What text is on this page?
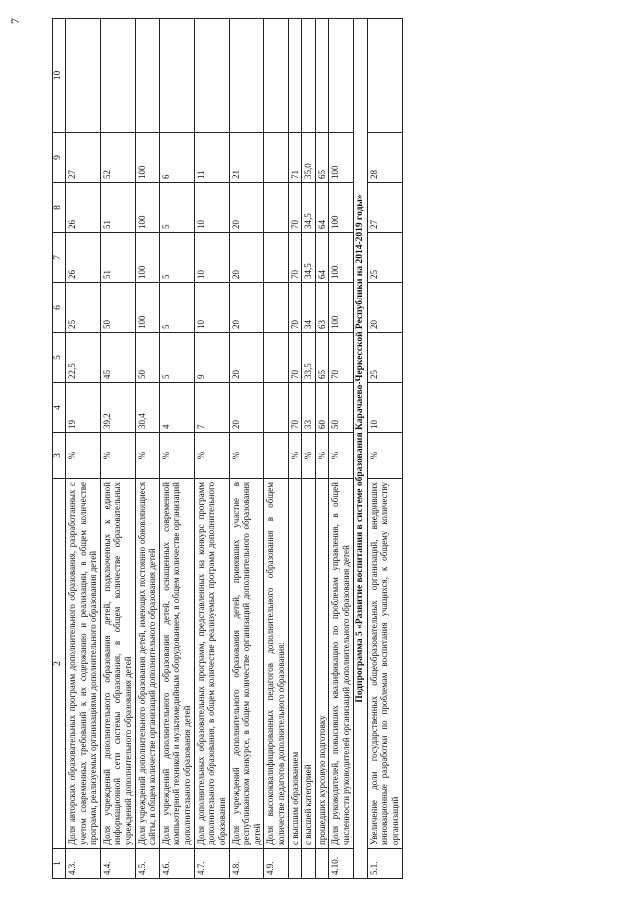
7
1	2	3	4	5	6	7	8	9	10
4.3.	Доля авторских образовательных программ дополнительного образования, разработанных с учетом современных требований к их содержанию и реализации, в общем количестве программ, реализуемых организациями дополнительного образования детей	%	19	22,5	25	26	26	27	
4.4.	Доля учреждений дополнительного образования детей, подключенных к единой информационной сети системы образования, в общем количестве образовательных учреждений дополнительного образования детей	%	39,2	45	50	51	51	52	
4.5.	Доля учреждений дополнительного образования детей, имеющих постоянно обновляющиеся сайты, в общем количестве организаций дополнительного образования детей	%	30,4	50	100	100	100	100	
4.6.	Доля учреждений дополнительного образования детей, оснащенных современной компьютерной техникой и мультимедийным оборудованием, в общем количестве организаций дополнительного образования детей	%	4	5	5	5	5	6	
4.7.	Доля дополнительных образовательных программ, представленных на конкурс программ дополнительного образования, в общем количестве реализуемых программ дополнительного образования	%	7	9	10	10	10	11	
4.8.	Доля учреждений дополнительного образования детей, принявших участие в республиканском конкурсе, в общем количестве организаций дополнительного образования детей	%	20	20	20	20	20	21	
4.9.	Доля высококвалифицированных педагогов дополнительного образования в общем количестве педагогов дополнительного образования:								
	с высшим образованием	%	70	70	70	70	70	71	
	с высшей категорией	%	33	33,5	34	34,5	34,5	35,0	
	прошедших курсовую подготовку	%	60	65	63	64	64	65	
4.10.	Доля руководителей, повысивших квалификацию по проблемам управления, в общей численности руководителей организаций дополнительного образования детей	%	50	70	100	100	100	100	
Подпрограмма 5 «Развитие воспитания в системе образования Карачаево-Черкесской Республики на 2014-2019 годы»									
5.1.	Увеличение доли государственных общеобразовательных организаций, внедривших инновационные разработки по проблемам воспитания учащихся, к общему количеству организаций	%	10	25	20	25	27	28	
